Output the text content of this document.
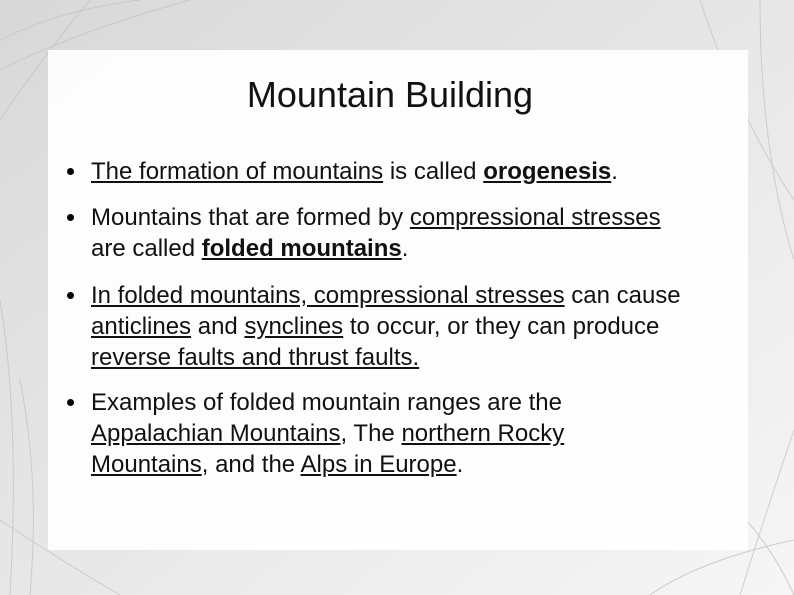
Mountain Building
The formation of mountains is called orogenesis.
Mountains that are formed by compressional stresses are called folded mountains.
In folded mountains, compressional stresses can cause anticlines and synclines to occur, or they can produce reverse faults and thrust faults.
Examples of folded mountain ranges are the Appalachian Mountains, The northern Rocky Mountains, and the Alps in Europe.
